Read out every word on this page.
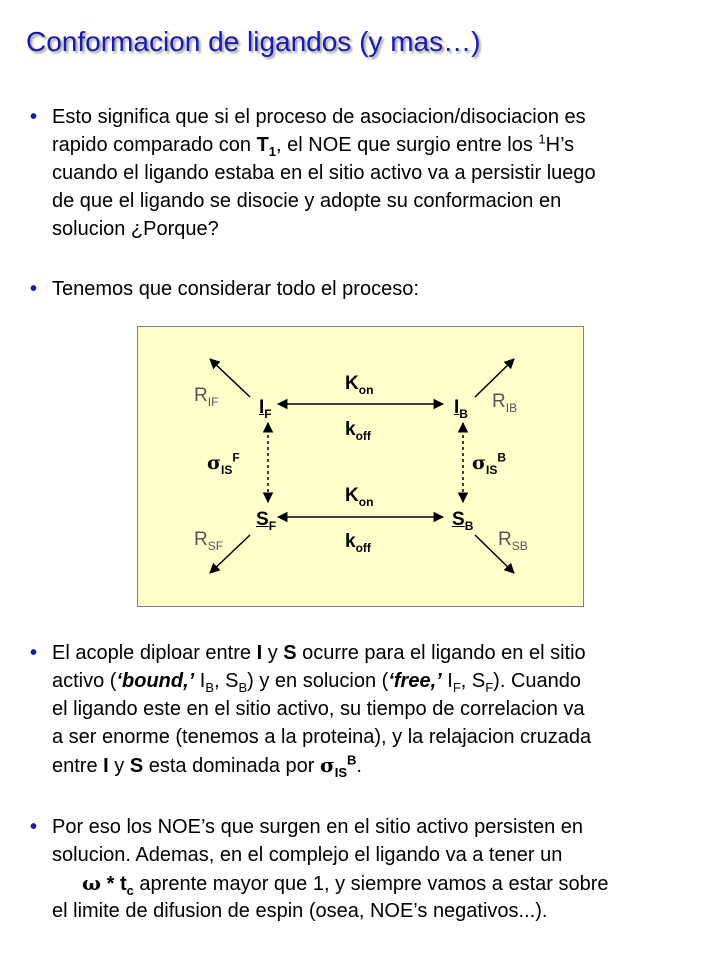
Conformacion de ligandos (y mas…)
• Esto significa que si el proceso de asociacion/disociacion es
rapido comparado con $T_1$, el NOE que surgio entre los $^1$H’s
cuando el ligando estaba en el sitio activo va a persistir luego
de que el ligando se disocie y adopte su conformacion en
solucion ¿Porque?
• Tenemos que considerar todo el proceso:
$R_{IF}$	$R_{IB}$
$R_{SF}$	$R_{SB}$
$I_F$	$I_B$
$S_F$	$S_B$
$K_{on}$
$k_{off}$
$K_{on}$
$k_{off}$
$\sigma_{IS}^F$	$\sigma_{IS}^B$
• El acople diploar entre I y S ocurre para el ligando en el sitio
activo (‘bound,’ $I_B$, $S_B$) y en solucion (‘free,’ $I_F$, $S_F$). Cuando
el ligando este en el sitio activo, su tiempo de correlacion va
a ser enorme (tenemos a la proteina), y la relajacion cruzada
entre I y S esta dominada por $\sigma_{IS}^B$.
• Por eso los NOE’s que surgen en el sitio activo persisten en
solucion. Ademas, en el complejo el ligando va a tener un
ω * $t_c$ aprente mayor que 1, y siempre vamos a estar sobre
el limite de difusion de espin (osea, NOE’s negativos...).
